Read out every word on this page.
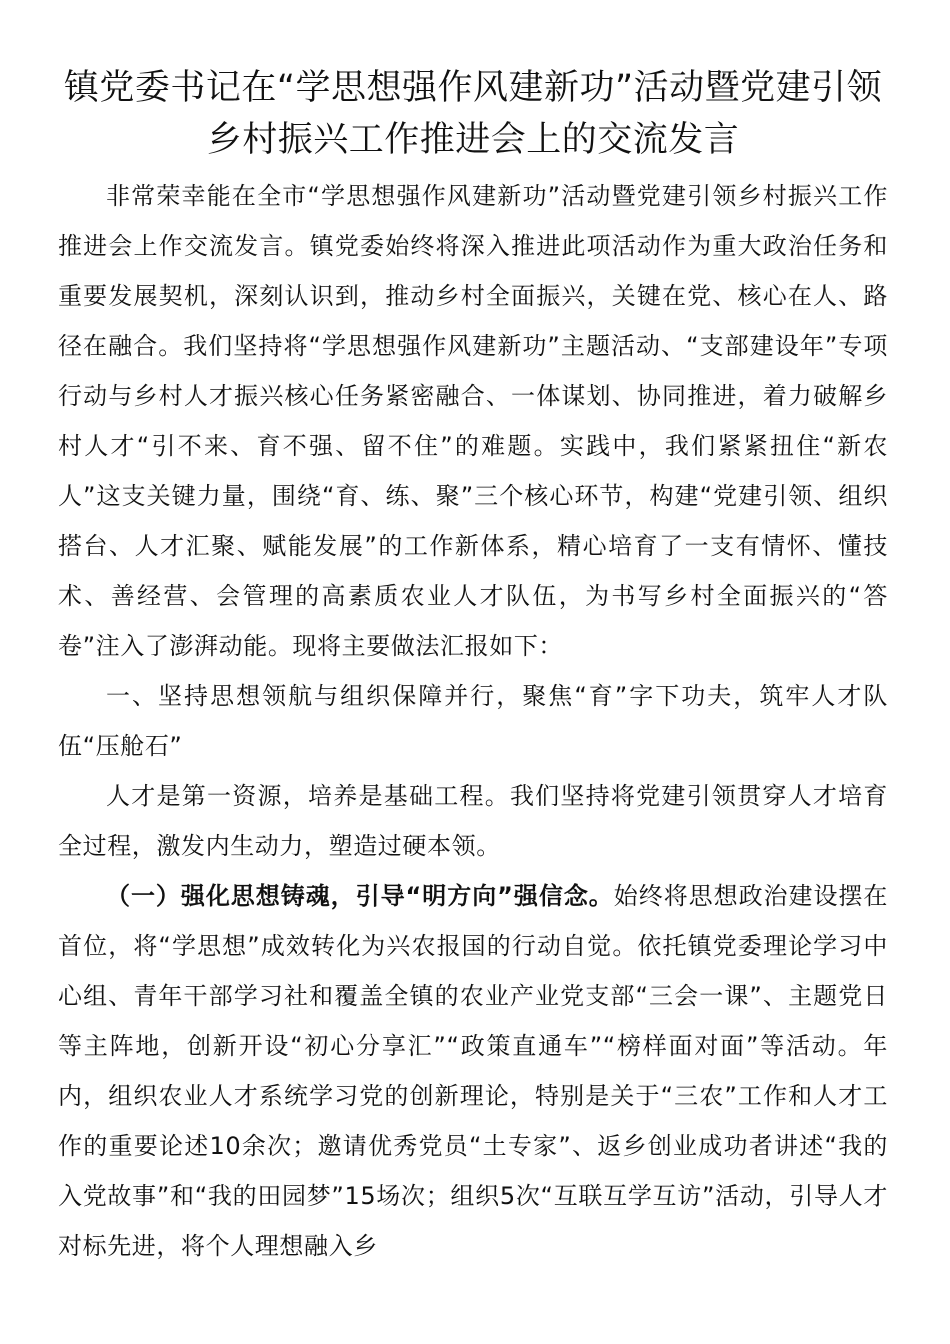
镇党委书记在“学思想强作风建新功”活动暨党建引领乡村振兴工作推进会上的交流发言

非常荣幸能在全市“学思想强作风建新功”活动暨党建引领乡村振兴工作推进会上作交流发言。镇党委始终将深入推进此项活动作为重大政治任务和重要发展契机，深刻认识到，推动乡村全面振兴，关键在党、核心在人、路径在融合。我们坚持将“学思想强作风建新功”主题活动、“支部建设年”专项行动与乡村人才振兴核心任务紧密融合、一体谋划、协同推进，着力破解乡村人才“引不来、育不强、留不住”的难题。实践中，我们紧紧扭住“新农人”这支关键力量，围绕“育、练、聚”三个核心环节，构建“党建引领、组织搭台、人才汇聚、赋能发展”的工作新体系，精心培育了一支有情怀、懂技术、善经营、会管理的高素质农业人才队伍，为书写乡村全面振兴的“答卷”注入了澎湃动能。现将主要做法汇报如下：

一、坚持思想领航与组织保障并行，聚焦“育”字下功夫，筑牢人才队伍“压舱石”

人才是第一资源，培养是基础工程。我们坚持将党建引领贯穿人才培育全过程，激发内生动力，塑造过硬本领。

（一）强化思想铸魂，引导“明方向”强信念。始终将思想政治建设摆在首位，将“学思想”成效转化为兴农报国的行动自觉。依托镇党委理论学习中心组、青年干部学习社和覆盖全镇的农业产业党支部“三会一课”、主题党日等主阵地，创新开设“初心分享汇”“政策直通车”“榜样面对面”等活动。年内，组织农业人才系统学习党的创新理论，特别是关于“三农”工作和人才工作的重要论述10余次；邀请优秀党员“土专家”、返乡创业成功者讲述“我的入党故事”和“我的田园梦”15场次；组织5次“互联互学互访”活动，引导人才对标先进，将个人理想融入乡
